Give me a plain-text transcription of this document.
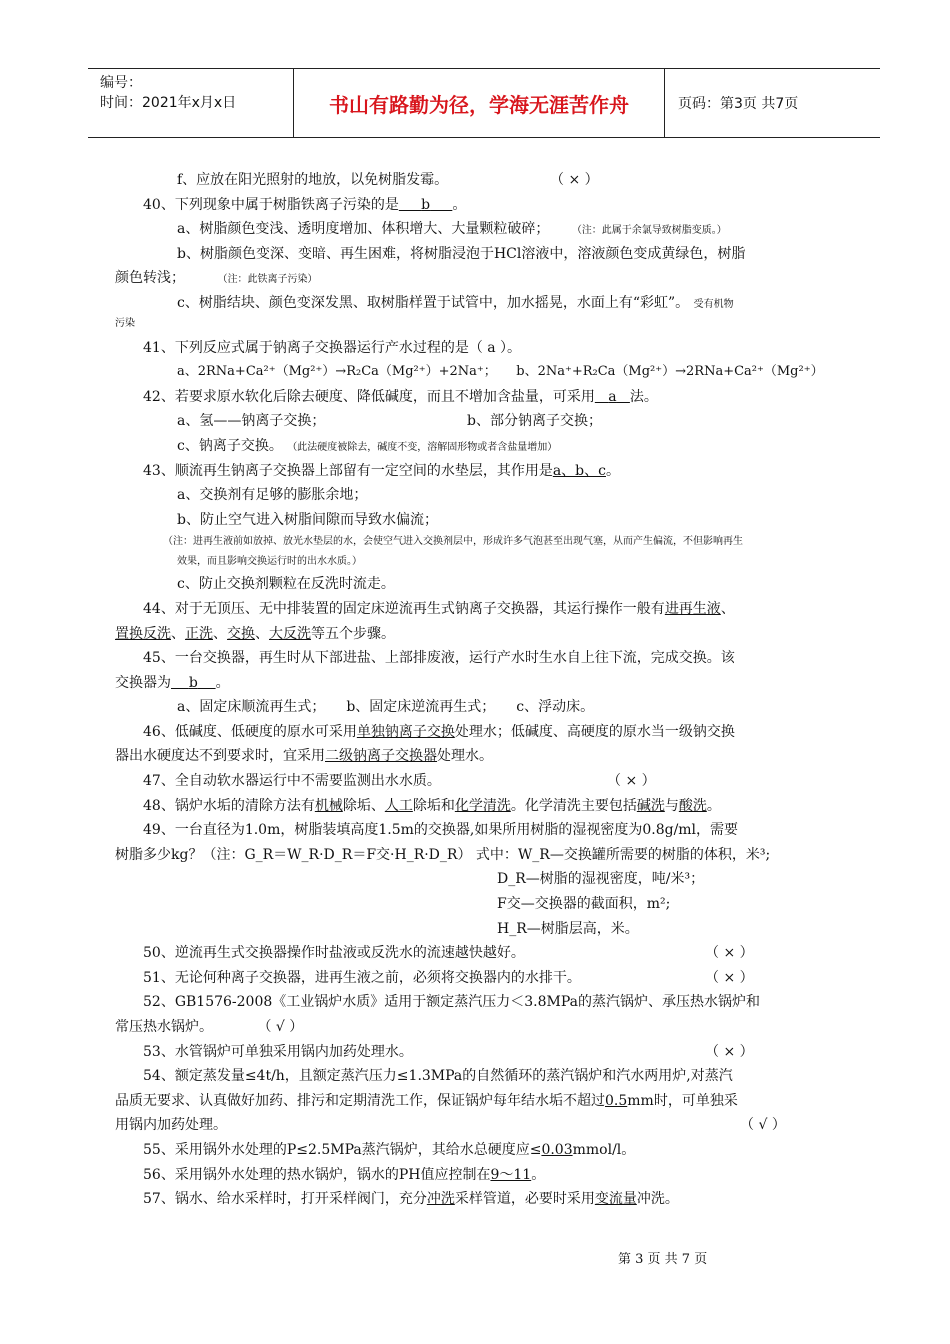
编号：
时间：2021年x月x日	书山有路勤为径，学海无涯苦作舟	页码：第3页 共7页
f、应放在阳光照射的地放，以免树脂发霉。	（ × ）
40、下列现象中属于树脂铁离子污染的是 b 。
a、树脂颜色变浅、透明度增加、体积增大、大量颗粒破碎； （注：此属于余氯导致树脂变质。）
b、树脂颜色变深、变暗、再生困难，将树脂浸泡于HCl溶液中，溶液颜色变成黄绿色，树脂
颜色转浅；	（注：此铁离子污染）
c、树脂结块、颜色变深发黑、取树脂样置于试管中，加水摇晃，水面上有“彩虹”。 受有机物
污染
41、下列反应式属于钠离子交换器运行产水过程的是（ a ）。
a、2RNa+Ca²⁺（Mg²⁺）→R₂Ca（Mg²⁺）+2Na⁺；　　b、2Na⁺+R₂Ca（Mg²⁺）→2RNa+Ca²⁺（Mg²⁺）
42、若要求原水软化后除去硬度、降低碱度，而且不增加含盐量，可采用 a 法。
a、氢——钠离子交换；	b、部分钠离子交换；
c、钠离子交换。 （此法硬度被除去，碱度不变，溶解固形物或者含盐量增加）
43、顺流再生钠离子交换器上部留有一定空间的水垫层，其作用是a、b、c。
a、交换剂有足够的膨胀余地；
b、防止空气进入树脂间隙而导致水偏流；
（注：进再生液前如放掉、放光水垫层的水，会使空气进入交换剂层中，形成许多气泡甚至出现气塞，从而产生偏流，不但影响再生
效果，而且影响交换运行时的出水水质。）
c、防止交换剂颗粒在反洗时流走。
44、对于无顶压、无中排装置的固定床逆流再生式钠离子交换器，其运行操作一般有进再生液、
置换反洗、正洗、交换、大反洗等五个步骤。
45、一台交换器，再生时从下部进盐、上部排废液，运行产水时生水自上往下流，完成交换。该
交换器为 b 。
a、固定床顺流再生式；　　b、固定床逆流再生式；　　c、浮动床。
46、低碱度、低硬度的原水可采用单独钠离子交换处理水；低碱度、高硬度的原水当一级钠交换
器出水硬度达不到要求时，宜采用二级钠离子交换器处理水。
47、全自动软水器运行中不需要监测出水水质。	（ × ）
48、锅炉水垢的清除方法有机械除垢、人工除垢和化学清洗。化学清洗主要包括碱洗与酸洗。
49、一台直径为1.0m，树脂装填高度1.5m的交换器,如果所用树脂的湿视密度为0.8g/ml，需要
树脂多少kg？（注：G_R＝W_R·D_R＝F交·H_R·D_R） 式中：W_R—交换罐所需要的树脂的体积，米³;
D_R—树脂的湿视密度，吨/米³；
F交—交换器的截面积，m²;
H_R—树脂层高，米。
50、逆流再生式交换器操作时盐液或反洗水的流速越快越好。	（ × ）
51、无论何种离子交换器，进再生液之前，必须将交换器内的水排干。	（ × ）
52、GB1576-2008《工业锅炉水质》适用于额定蒸汽压力＜3.8MPa的蒸汽锅炉、承压热水锅炉和
常压热水锅炉。	（ √ ）
53、水管锅炉可单独采用锅内加药处理水。	（ × ）
54、额定蒸发量≤4t/h，且额定蒸汽压力≤1.3MPa的自然循环的蒸汽锅炉和汽水两用炉,对蒸汽
品质无要求、认真做好加药、排污和定期清洗工作，保证锅炉每年结水垢不超过0.5mm时，可单独采
用锅内加药处理。	（ √ ）
55、采用锅外水处理的P≤2.5MPa蒸汽锅炉，其给水总硬度应≤0.03mmol/l。
56、采用锅外水处理的热水锅炉，锅水的PH值应控制在9～11。
57、锅水、给水采样时，打开采样阀门，充分冲洗采样管道，必要时采用变流量冲洗。
第 3 页 共 7 页
